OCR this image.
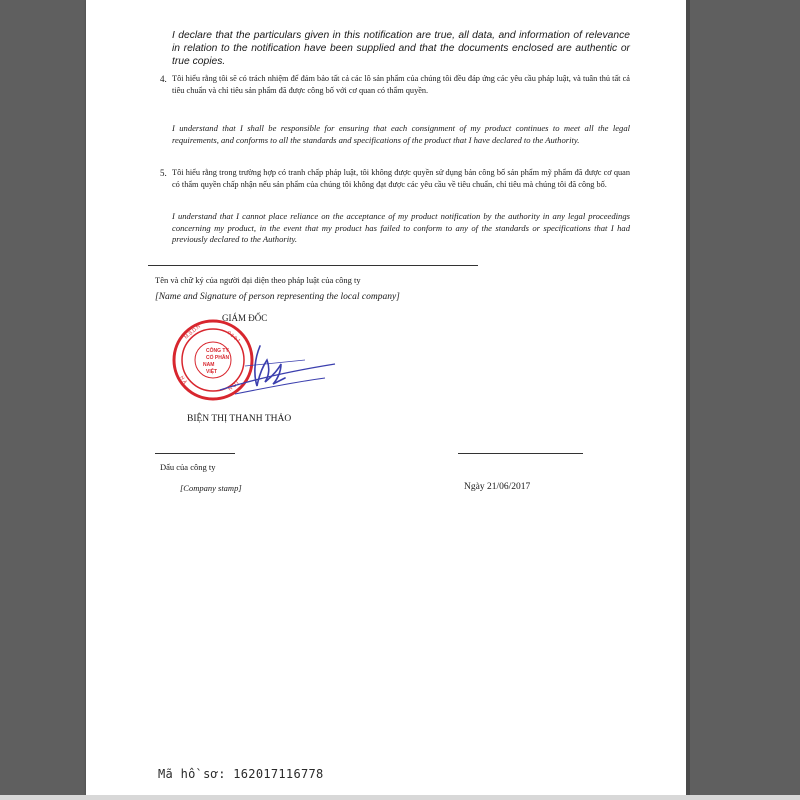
I declare that the particulars given in this notification are true, all data, and information of relevance in relation to the notification have been supplied and that the documents enclosed are authentic or true copies.
4. Tôi hiểu rằng tôi sẽ có trách nhiệm để đảm bảo tất cả các lô sản phẩm của chúng tôi đều đáp ứng các yêu cầu pháp luật, và tuân thủ tất cả tiêu chuẩn và chỉ tiêu sản phẩm đã được công bố với cơ quan có thẩm quyền.
I understand that I shall be responsible for ensuring that each consignment of my product continues to meet all the legal requirements, and conforms to all the standards and specifications of the product that I have declared to the Authority.
5. Tôi hiểu rằng trong trường hợp có tranh chấp pháp luật, tôi không được quyền sử dụng bản công bố sản phẩm mỹ phẩm đã được cơ quan có thẩm quyền chấp nhận nếu sản phẩm của chúng tôi không đạt được các yêu cầu về tiêu chuẩn, chỉ tiêu mà chúng tôi đã công bố.
I understand that I cannot place reliance on the acceptance of my product notification by the authority in any legal proceedings concerning my product, in the event that my product has failed to conform to any of the standards or specifications that I had previously declared to the Authority.
Tên và chữ ký của người đại diện theo pháp luật của công ty
[Name and Signature of person representing the local company]
GIÁM ĐỐC
CÔNG TY
CỔ PHẦN
NAM
VIỆT
M.S.D.N	0 1 0 1
H À
N Ộ I
BIỆN THỊ THANH THẢO
Dấu của công ty
[Company stamp]	Ngày 21/06/2017
Mã hồ sơ: 162017116778
